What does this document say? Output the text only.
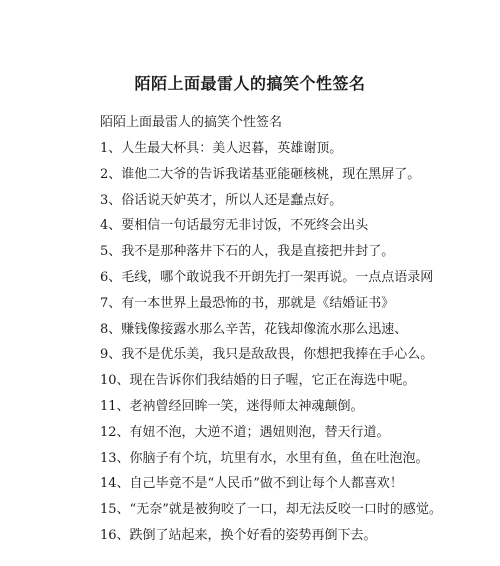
陌陌上面最雷人的搞笑个性签名
陌陌上面最雷人的搞笑个性签名
1、人生最大杯具：美人迟暮，英雄谢顶。
2、谁他二大爷的告诉我诺基亚能砸核桃，现在黑屏了。
3、俗话说天妒英才，所以人还是蠢点好。
4、要相信一句话最穷无非讨饭，不死终会出头
5、我不是那种落井下石的人，我是直接把井封了。
6、毛线，哪个敢说我不开朗先打一架再说。一点点语录网
7、有一本世界上最恐怖的书，那就是《结婚证书》
8、赚钱像接露水那么辛苦，花钱却像流水那么迅速、
9、我不是优乐美，我只是敌敌畏，你想把我捧在手心么。
10、现在告诉你们我结婚的日子喔，它正在海选中呢。
11、老衲曾经回眸一笑，迷得师太神魂颠倒。
12、有妞不泡，大逆不道；遇妞则泡，替天行道。
13、你脑子有个坑，坑里有水，水里有鱼，鱼在吐泡泡。
14、自己毕竟不是“人民币”做不到让每个人都喜欢！
15、“无奈”就是被狗咬了一口，却无法反咬一口时的感觉。
16、跌倒了站起来，换个好看的姿势再倒下去。
